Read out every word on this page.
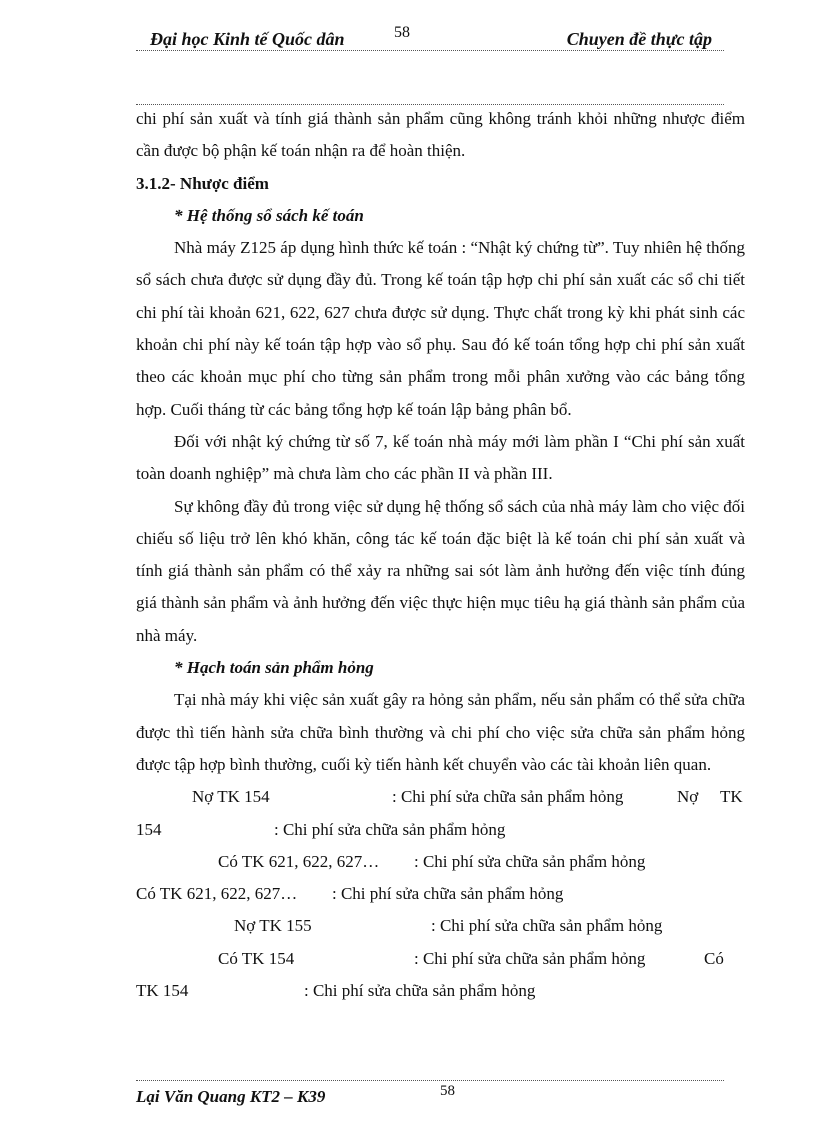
Đại học Kinh tế Quốc dân	58	Chuyen đề thực tập

chi phí sản xuất và tính giá thành sản phẩm cũng không tránh khỏi những nhược điểm cần được bộ phận kế toán nhận ra để hoàn thiện.

3.1.2- Nhược điểm

* Hệ thống sổ sách kế toán

Nhà máy Z125 áp dụng hình thức kế toán : “Nhật ký chứng từ”. Tuy nhiên hệ thống sổ sách chưa được sử dụng đầy đủ. Trong kế toán tập hợp chi phí sản xuất các sổ chi tiết chi phí tài khoản 621, 622, 627 chưa được sử dụng. Thực chất trong kỳ khi phát sinh các khoản chi phí này kế toán tập hợp vào sổ phụ. Sau đó kế toán tổng hợp chi phí sản xuất theo các khoản mục phí cho từng sản phẩm trong mỗi phân xưởng vào các bảng tổng hợp. Cuối tháng từ các bảng tổng hợp kế toán lập bảng phân bổ.

Đối với nhật ký chứng từ số 7, kế toán nhà máy mới làm phần I “Chi phí sản xuất toàn doanh nghiệp” mà chưa làm cho các phần II và phần III.

Sự không đầy đủ trong việc sử dụng hệ thống sổ sách của nhà máy làm cho việc đối chiếu số liệu trở lên khó khăn, công tác kế toán đặc biệt là kế toán chi phí sản xuất và tính giá thành sản phẩm có thể xảy ra những sai sót làm ảnh hưởng đến việc tính đúng giá thành sản phẩm và ảnh hưởng đến việc thực hiện mục tiêu hạ giá thành sản phẩm của nhà máy.

* Hạch toán sản phẩm hỏng

Tại nhà máy khi việc sản xuất gây ra hỏng sản phẩm, nếu sản phẩm có thể sửa chữa được thì tiến hành sửa chữa bình thường và chi phí cho việc sửa chữa sản phẩm hỏng được tập hợp bình thường, cuối kỳ tiến hành kết chuyển vào các tài khoản liên quan.

Nợ TK 154	: Chi phí sửa chữa sản phẩm hỏng	Nợ TK
154	: Chi phí sửa chữa sản phẩm hỏng
Có TK 621, 622, 627… : Chi phí sửa chữa sản phẩm hỏng
Có TK 621, 622, 627… : Chi phí sửa chữa sản phẩm hỏng
Nợ TK 155	: Chi phí sửa chữa sản phẩm hỏng
Có TK 154	: Chi phí sửa chữa sản phẩm hỏng	Có
TK 154	: Chi phí sửa chữa sản phẩm hỏng
Lại Văn Quang KT2 – K39	58
